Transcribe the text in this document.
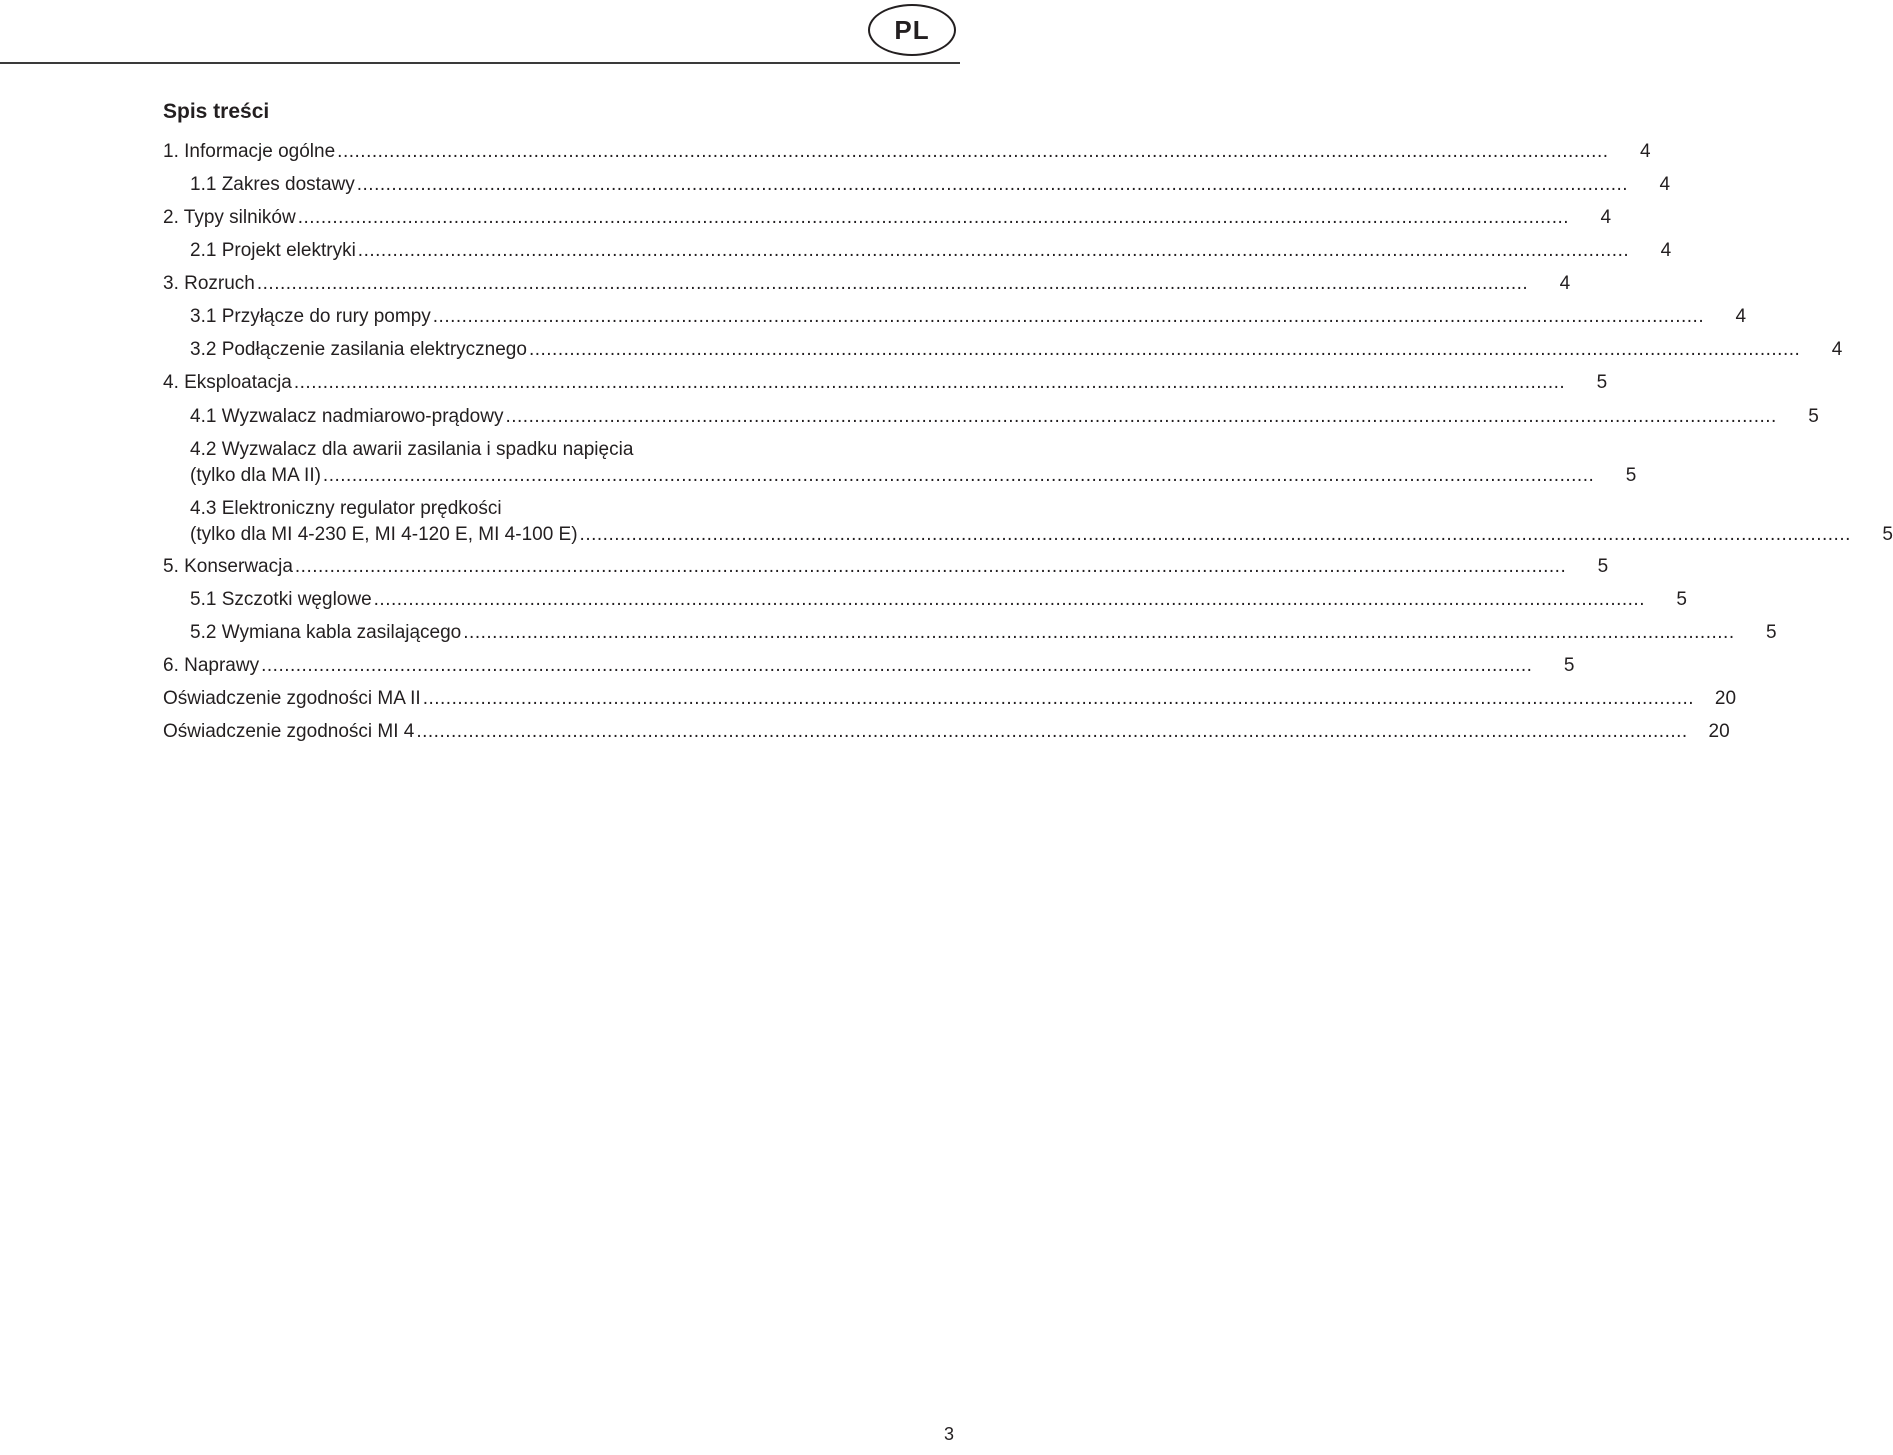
PL
Spis treści
1. Informacje ogólne ............................................................................................................................................................................................................................	4
1.1 Zakres dostawy ............................................................................................................................................................................................................................	4
2. Typy silników ............................................................................................................................................................................................................................	4
2.1 Projekt elektryki ............................................................................................................................................................................................................................	4
3. Rozruch ............................................................................................................................................................................................................................	4
3.1 Przyłącze do rury pompy ............................................................................................................................................................................................................................	4
3.2 Podłączenie zasilania elektrycznego ............................................................................................................................................................................................................................	4
4. Eksploatacja ............................................................................................................................................................................................................................	5
4.1 Wyzwalacz nadmiarowo-prądowy ............................................................................................................................................................................................................................	5
4.2 Wyzwalacz dla awarii zasilania i spadku napięcia
(tylko dla MA II) ............................................................................................................................................................................................................................	5
4.3 Elektroniczny regulator prędkości
(tylko dla MI 4-230 E, MI 4-120 E, MI 4-100 E) ............................................................................................................................................................................................................................	5
5. Konserwacja ............................................................................................................................................................................................................................	5
5.1 Szczotki węglowe ............................................................................................................................................................................................................................	5
5.2 Wymiana kabla zasilającego ............................................................................................................................................................................................................................	5
6. Naprawy ............................................................................................................................................................................................................................	5
Oświadczenie zgodności MA II ............................................................................................................................................................................................................................	20
Oświadczenie zgodności MI 4 ............................................................................................................................................................................................................................	20
3
